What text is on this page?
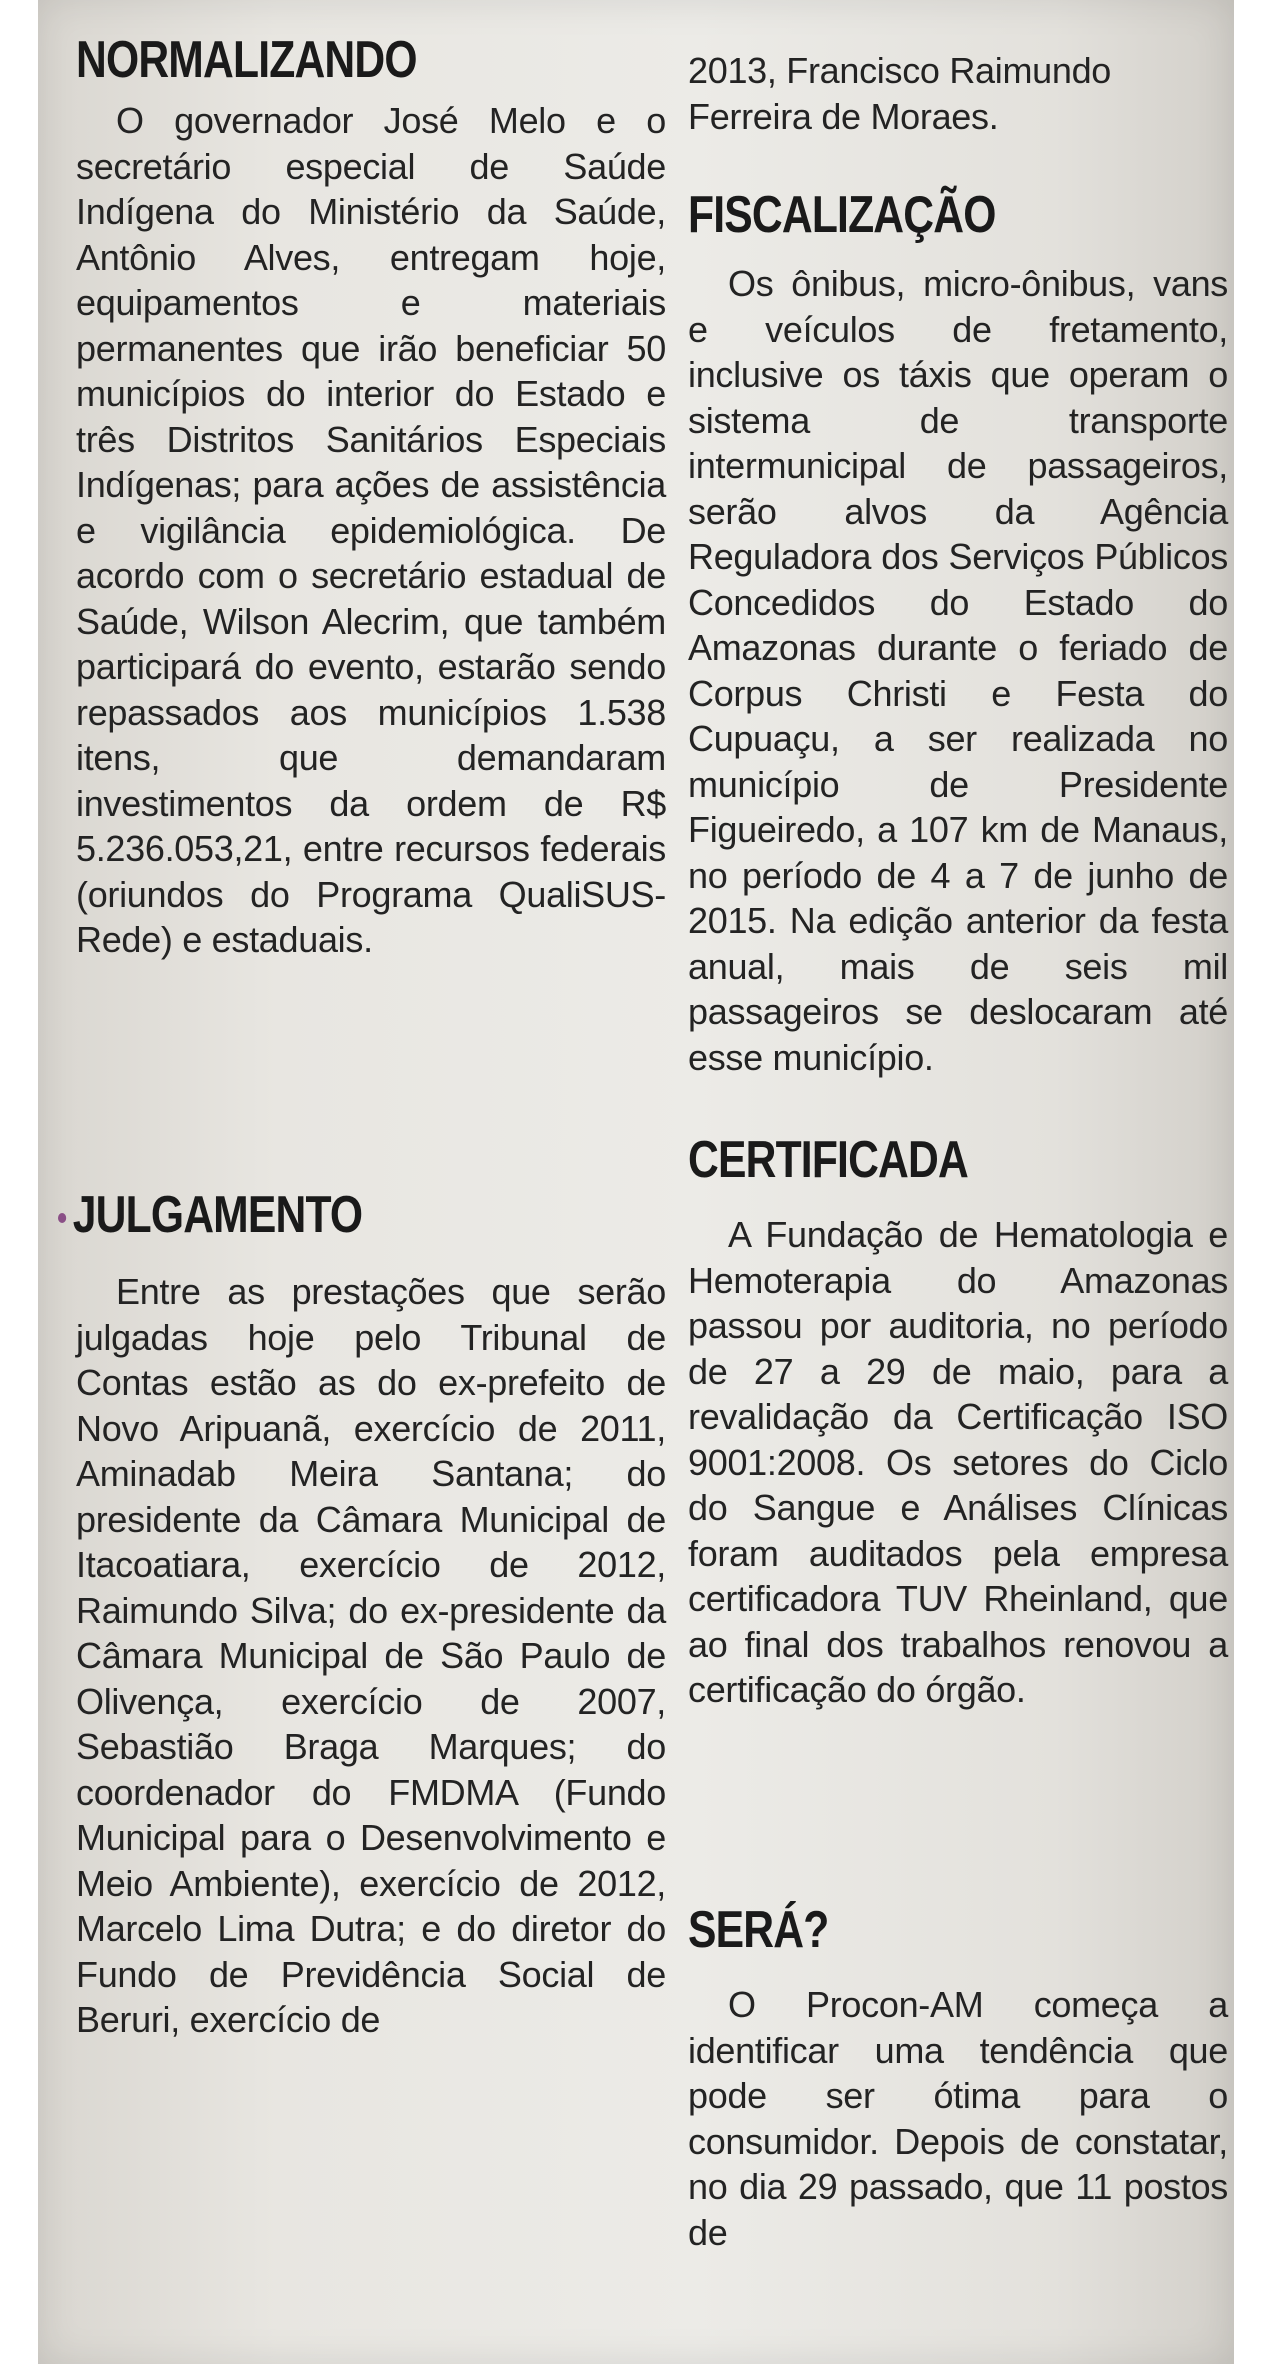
NORMALIZANDO

O governador José Melo e o secretário especial de Saúde Indígena do Ministério da Saúde, Antônio Alves, entregam hoje, equipamentos e materiais permanentes que irão beneficiar 50 municípios do interior do Estado e três Distritos Sanitários Especiais Indígenas; para ações de assistência e vigilância epidemiológica. De acordo com o secretário estadual de Saúde, Wilson Alecrim, que também participará do evento, estarão sendo repassados aos municípios 1.538 itens, que demandaram investimentos da ordem de R$ 5.236.053,21, entre recursos federais (oriundos do Programa QualiSUS-Rede) e estaduais.

JULGAMENTO

Entre as prestações que serão julgadas hoje pelo Tribunal de Contas estão as do ex-prefeito de Novo Aripuanã, exercício de 2011, Aminadab Meira Santana; do presidente da Câmara Municipal de Itacoatiara, exercício de 2012, Raimundo Silva; do ex-presidente da Câmara Municipal de São Paulo de Olivença, exercício de 2007, Sebastião Braga Marques; do coordenador do FMDMA (Fundo Municipal para o Desenvolvimento e Meio Ambiente), exercício de 2012, Marcelo Lima Dutra; e do diretor do Fundo de Previdência Social de Beruri, exercício de

2013, Francisco Raimundo Ferreira de Moraes.

FISCALIZAÇÃO

Os ônibus, micro-ônibus, vans e veículos de fretamento, inclusive os táxis que operam o sistema de transporte intermunicipal de passageiros, serão alvos da Agência Reguladora dos Serviços Públicos Concedidos do Estado do Amazonas durante o feriado de Corpus Christi e Festa do Cupuaçu, a ser realizada no município de Presidente Figueiredo, a 107 km de Manaus, no período de 4 a 7 de junho de 2015. Na edição anterior da festa anual, mais de seis mil passageiros se deslocaram até esse município.

CERTIFICADA

A Fundação de Hematologia e Hemoterapia do Amazonas passou por auditoria, no período de 27 a 29 de maio, para a revalidação da Certificação ISO 9001:2008. Os setores do Ciclo do Sangue e Análises Clínicas foram auditados pela empresa certificadora TUV Rheinland, que ao final dos trabalhos renovou a certificação do órgão.

SERÁ?

O Procon-AM começa a identificar uma tendência que pode ser ótima para o consumidor. Depois de constatar, no dia 29 passado, que 11 postos de
